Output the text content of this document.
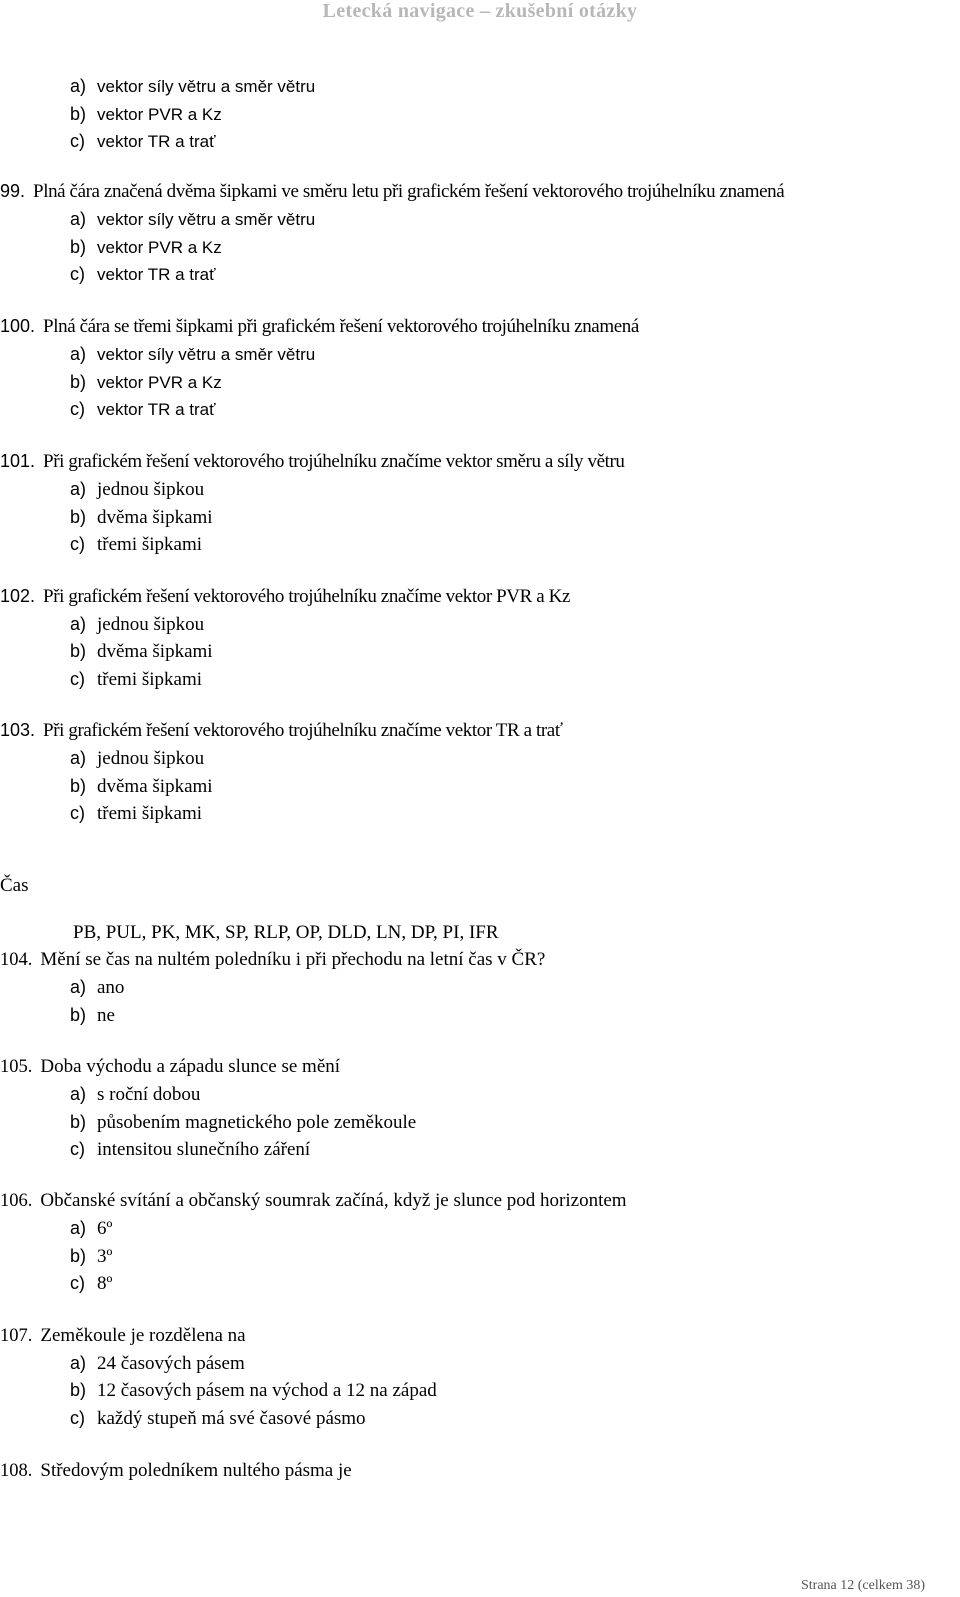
Letecká navigace – zkušební otázky
a) vektor síly větru a směr větru
b) vektor PVR a Kz
c) vektor TR a trať
99. Plná čára značená dvěma šipkami ve směru letu při grafickém řešení vektorového trojúhelníku znamená
a) vektor síly větru a směr větru
b) vektor PVR a Kz
c) vektor TR a trať
100. Plná čára se třemi šipkami při grafickém řešení vektorového trojúhelníku znamená
a) vektor síly větru a směr větru
b) vektor PVR a Kz
c) vektor TR a trať
101. Při grafickém řešení vektorového trojúhelníku značíme vektor směru a síly větru
a) jednou šipkou
b) dvěma šipkami
c) třemi šipkami
102. Při grafickém řešení vektorového trojúhelníku značíme vektor PVR a Kz
a) jednou šipkou
b) dvěma šipkami
c) třemi šipkami
103. Při grafickém řešení vektorového trojúhelníku značíme vektor TR a trať
a) jednou šipkou
b) dvěma šipkami
c) třemi šipkami
Čas
PB, PUL, PK, MK, SP, RLP, OP, DLD, LN, DP, PI, IFR
104. Mění se čas na nultém poledníku i při přechodu na letní čas v ČR?
a) ano
b) ne
105. Doba východu a západu slunce se mění
a) s roční dobou
b) působením magnetického pole zeměkoule
c) intensitou slunečního záření
106. Občanské svítání a občanský soumrak začíná, když je slunce pod horizontem
a) 6º
b) 3º
c) 8º
107. Zeměkoule je rozdělena na
a) 24 časových pásem
b) 12 časových pásem na východ a 12 na západ
c) každý stupeň má své časové pásmo
108. Středovým poledníkem nultého pásma je
Strana 12 (celkem 38)
